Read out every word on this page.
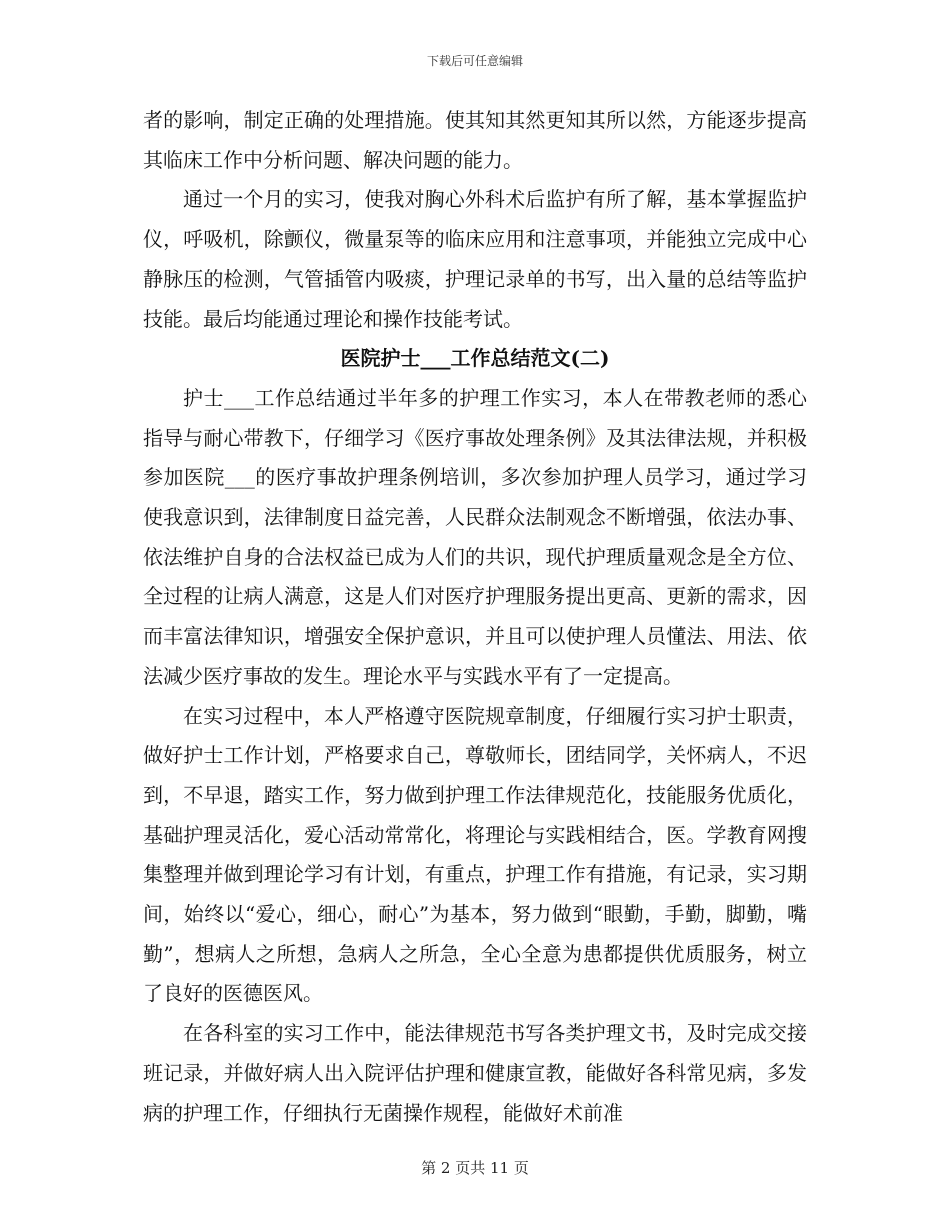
下载后可任意编辑

者的影响，制定正确的处理措施。使其知其然更知其所以然，方能逐步提高其临床工作中分析问题、解决问题的能力。

通过一个月的实习，使我对胸心外科术后监护有所了解，基本掌握监护仪，呼吸机，除颤仪，微量泵等的临床应用和注意事项，并能独立完成中心静脉压的检测，气管插管内吸痰，护理记录单的书写，出入量的总结等监护技能。最后均能通过理论和操作技能考试。

医院护士___工作总结范文(二)

护士___工作总结通过半年多的护理工作实习，本人在带教老师的悉心指导与耐心带教下，仔细学习《医疗事故处理条例》及其法律法规，并积极参加医院___的医疗事故护理条例培训，多次参加护理人员学习，通过学习使我意识到，法律制度日益完善，人民群众法制观念不断增强，依法办事、依法维护自身的合法权益已成为人们的共识，现代护理质量观念是全方位、全过程的让病人满意，这是人们对医疗护理服务提出更高、更新的需求，因而丰富法律知识，增强安全保护意识，并且可以使护理人员懂法、用法、依法减少医疗事故的发生。理论水平与实践水平有了一定提高。

在实习过程中，本人严格遵守医院规章制度，仔细履行实习护士职责，做好护士工作计划，严格要求自己，尊敬师长，团结同学，关怀病人，不迟到，不早退，踏实工作，努力做到护理工作法律规范化，技能服务优质化，基础护理灵活化，爱心活动常常化，将理论与实践相结合，医。学教育网搜集整理并做到理论学习有计划，有重点，护理工作有措施，有记录，实习期间，始终以“爱心，细心，耐心”为基本，努力做到“眼勤，手勤，脚勤，嘴勤”，想病人之所想，急病人之所急，全心全意为患都提供优质服务，树立了良好的医德医风。

在各科室的实习工作中，能法律规范书写各类护理文书，及时完成交接班记录，并做好病人出入院评估护理和健康宣教，能做好各科常见病，多发病的护理工作，仔细执行无菌操作规程，能做好术前准

第 2 页共 11 页
